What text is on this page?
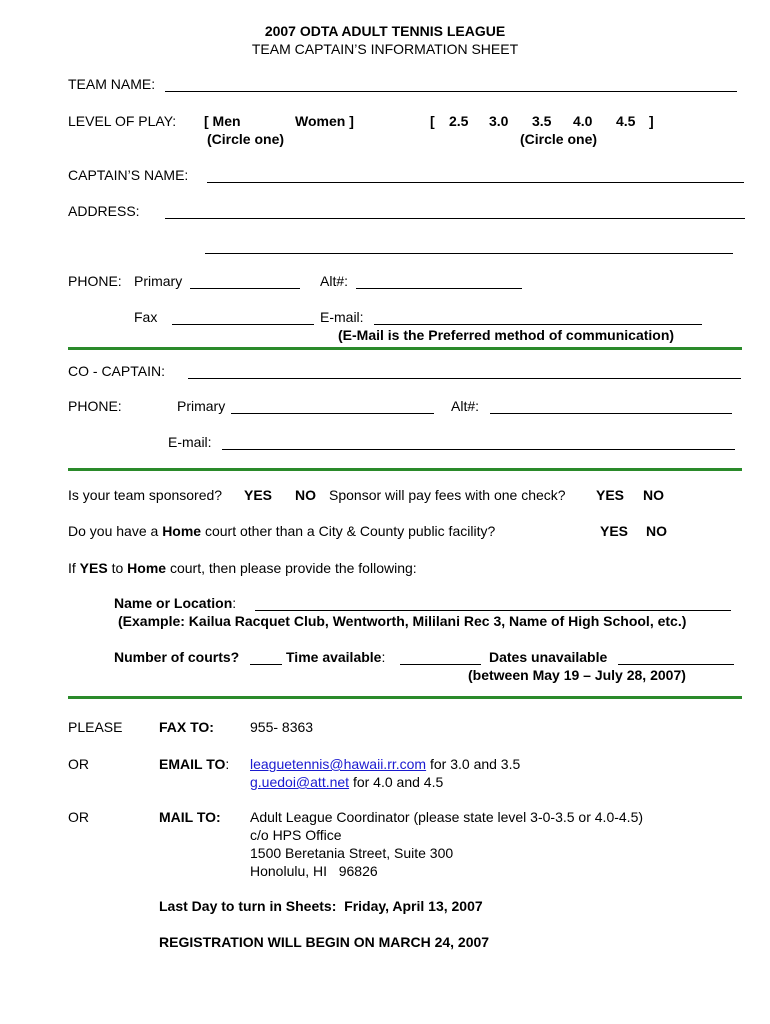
2007 ODTA ADULT TENNIS LEAGUE
TEAM CAPTAIN’S INFORMATION SHEET
TEAM NAME:
LEVEL OF PLAY: [ Men	Women ]
(Circle one)
[ 2.5 3.0 3.5 4.0 4.5 ]
(Circle one)
CAPTAIN’S NAME:
ADDRESS:
PHONE: Primary	Alt#:
Fax	E-mail:
(E-Mail is the Preferred method of communication)
CO - CAPTAIN:
PHONE:	Primary	Alt#:
E-mail:
Is your team sponsored? YES NO Sponsor will pay fees with one check? YES NO
Do you have a Home court other than a City & County public facility?	YES NO
If YES to Home court, then please provide the following:
Name or Location:
(Example: Kailua Racquet Club, Wentworth, Mililani Rec 3, Name of High School, etc.)
Number of courts?	Time available:	Dates unavailable
(between May 19 – July 28, 2007)
PLEASE	FAX TO:	955- 8363
OR	EMAIL TO: leaguetennis@hawaii.rr.com for 3.0 and 3.5
g.uedoi@att.net for 4.0 and 4.5
OR	MAIL TO: Adult League Coordinator (please state level 3-0-3.5 or 4.0-4.5)
c/o HPS Office
1500 Beretania Street, Suite 300
Honolulu, HI   96826
Last Day to turn in Sheets:  Friday, April 13, 2007
REGISTRATION WILL BEGIN ON MARCH 24, 2007
